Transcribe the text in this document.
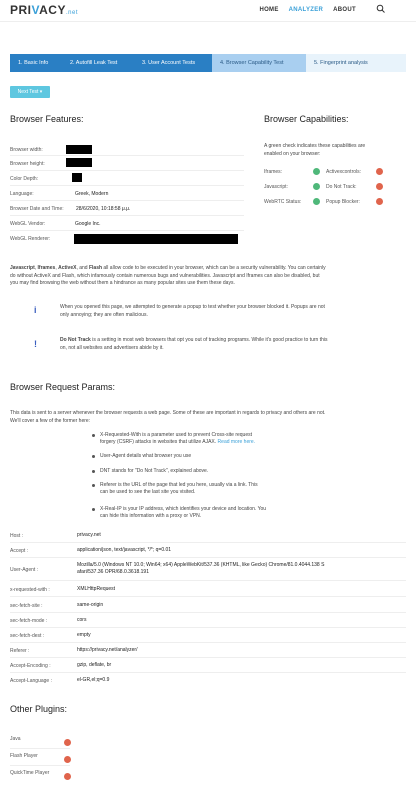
PRIVACY.net	HOME ANALYZER ABOUT
1. Basic Info	2. Autofill Leak Test	3. User Account Tests	4. Browser Capability Test	5. Fingerprint analysis
Next Test ▾
Browser Features:
Browser width:
Browser height:
Color Depth:
Language:	Greek, Modern
Browser Date and Time: 28/6/2020, 10:18:58 μ.μ.
WebGL Vendor:	Google Inc.
WebGL Renderer:
Browser Capabilities:
A green check indicates these capabilities are enabled on your browser:
Iframes:	Activexcontrols:
Javascript:	Do Not Track:
WebRTC Status:	Popup Blocker:
Javascript, Iframes, ActiveX, and Flash all allow code to be executed in your browser, which can be a security vulnerability. You can certainly
do without ActiveX and Flash, which infamously contain numerous bugs and vulnerabilities. Javascript and Iframes can also be disabled, but
you may find browsing the web without them a hindrance as many popular sites use them these days.
i	When you opened this page, we attempted to generate a popup to test whether your browser blocked it. Popups are not
only annoying; they are often malicious.
!	Do Not Track is a setting in most web browsers that opt you out of tracking programs. While it's good practice to turn this
on, not all websites and advertisers abide by it.
Browser Request Params:
This data is sent to a server whenever the browser requests a web page. Some of these are important in regards to privacy and others are not.
We'll cover a few of the former here:
X-Requested-With is a parameter used to prevent Cross-site request
forgery (CSRF) attacks in websites that utilize AJAX. Read more here.
User-Agent details what browser you use
DNT stands for "Do Not Track", explained above.
Referer is the URL of the page that led you here, usually via a link. This
can be used to see the last site you visited.
X-Real-IP is your IP address, which identifies your device and location. You
can hide this information with a proxy or VPN.
Host :	privacy.net
Accept :	application/json, text/javascript, */*; q=0.01
User-Agent :
Mozilla/5.0 (Windows NT 10.0; Win64; x64) AppleWebKit/537.36 (KHTML, like Gecko) Chrome/81.0.4044.138 S
afari/537.36 OPR/68.0.3618.191
x-requested-with :	XMLHttpRequest
sec-fetch-site :	same-origin
sec-fetch-mode :	cors
sec-fetch-dest :	empty
Referer :	https://privacy.net/analyzer/
Accept-Encoding :	gzip, deflate, br
Accept-Language :	el-GR,el;q=0.9
Other Plugins:
Java
Flash Player
QuickTime Player
